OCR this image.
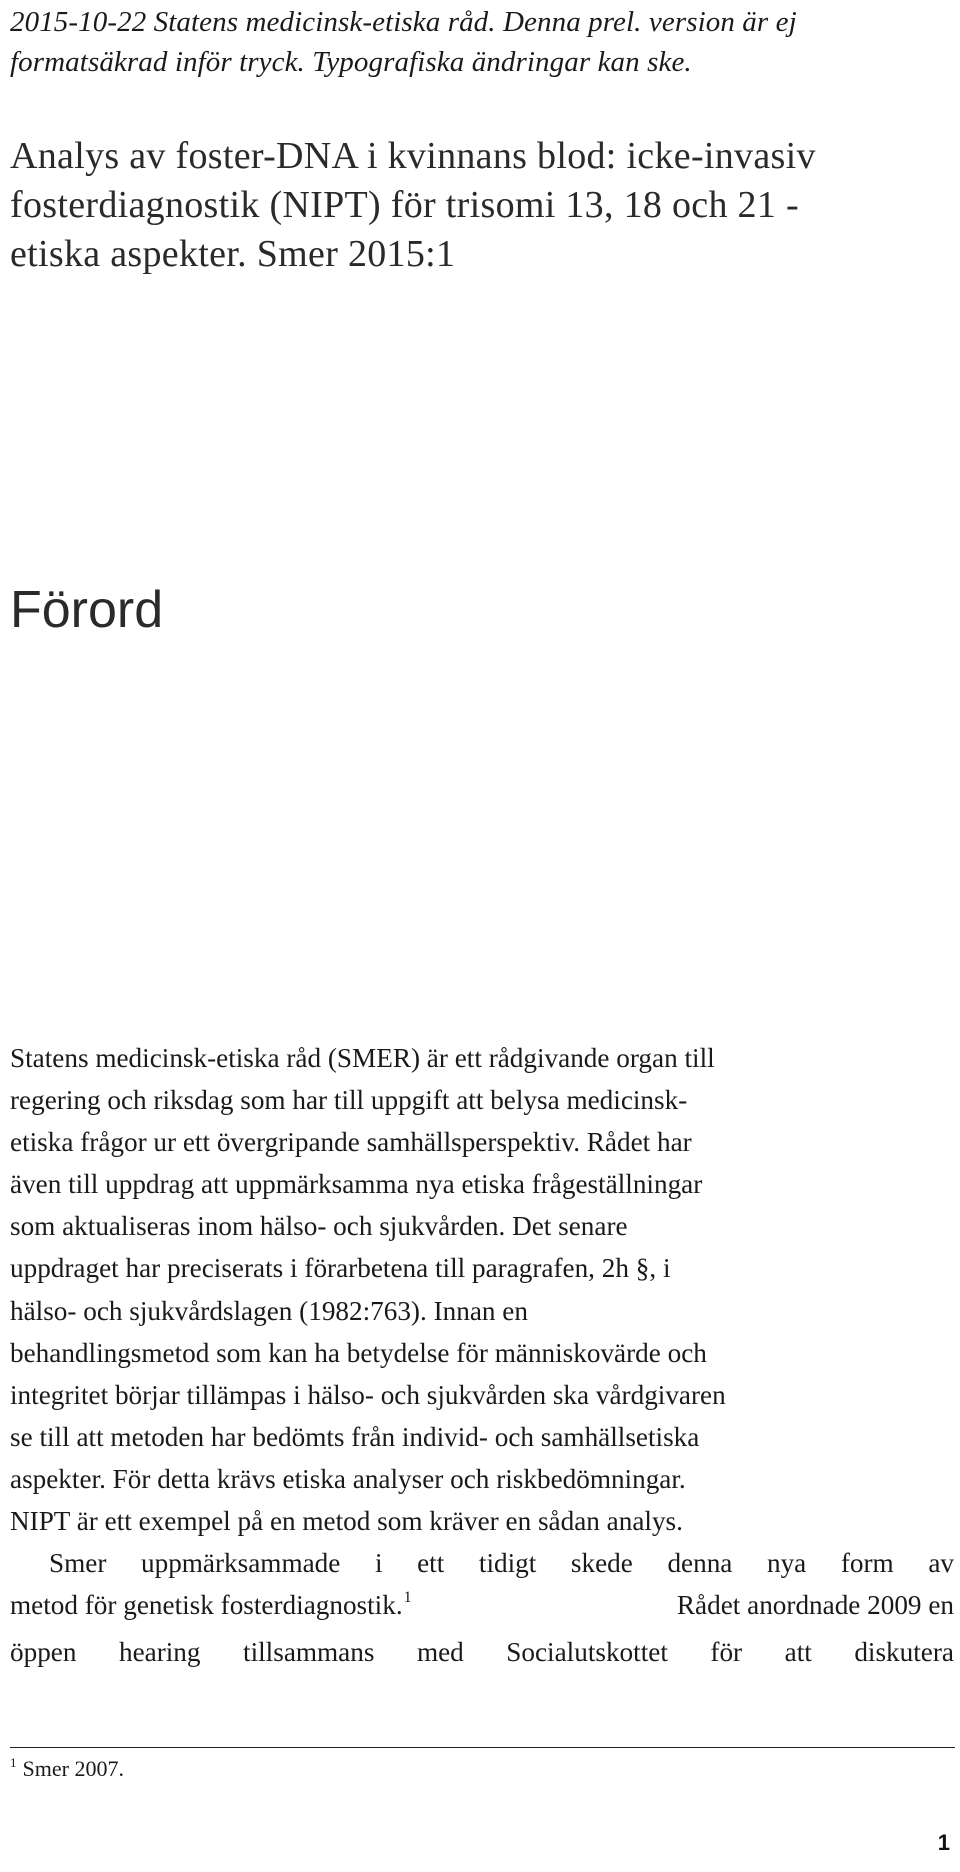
2015-10-22 Statens medicinsk-etiska råd. Denna prel. version är ej
formatsäkrad inför tryck. Typografiska ändringar kan ske.
Analys av foster-DNA i kvinnans blod: icke-invasiv
fosterdiagnostik (NIPT) för trisomi 13, 18 och 21 -
etiska aspekter. Smer 2015:1
Förord

Statens medicinsk-etiska råd (SMER) är ett rådgivande organ till
regering och riksdag som har till uppgift att belysa medicinsk-
etiska frågor ur ett övergripande samhällsperspektiv. Rådet har
även till uppdrag att uppmärksamma nya etiska frågeställningar
som aktualiseras inom hälso- och sjukvården. Det senare
uppdraget har preciserats i förarbetena till paragrafen, 2h §, i
hälso- och sjukvårdslagen (1982:763). Innan en
behandlingsmetod som kan ha betydelse för människovärde och
integritet börjar tillämpas i hälso- och sjukvården ska vårdgivaren
se till att metoden har bedömts från individ- och samhällsetiska
aspekter. För detta krävs etiska analyser och riskbedömningar.
NIPT är ett exempel på en metod som kräver en sådan analys.

Smer uppmärksammade i ett tidigt skede denna nya form av

metod för genetisk fosterdiagnostik.$^1$	Rådet anordnade 2009 en

öppen hearing tillsammans med Socialutskottet för att diskutera

$^1$ Smer 2007.
1
